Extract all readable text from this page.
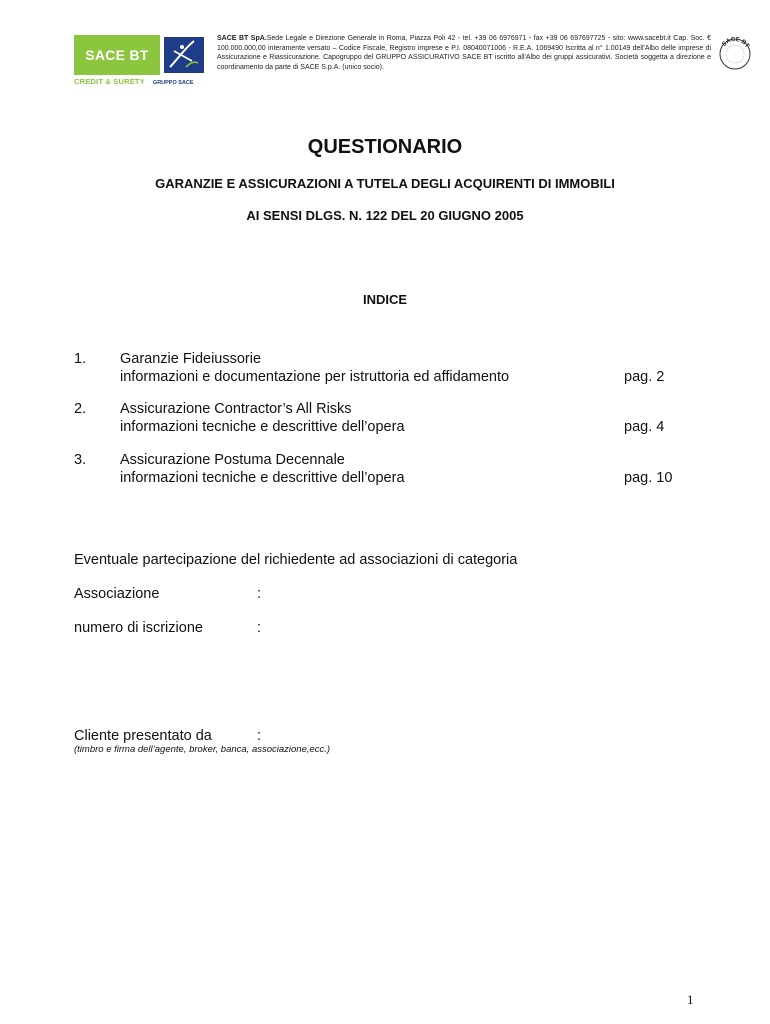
SACE BT
CREDIT & SURETY GRUPPO SACE
SACE BT SpA.Sede Legale e Direzione Generale in Roma, Piazza Poli 42 - tel. +39 06 6976971 - fax +39 06 697697725 - sito: www.sacebt.it Cap. Soc. € 100.000.000,00 interamente versato – Codice Fiscale, Registro imprese e P.I. 08040071006 - R.E.A. 1069490 Iscritta al n° 1.00149 dell'Albo delle imprese di Assicurazione e Riassicurazione. Capogruppo del GRUPPO ASSICURATIVO SACE BT iscritto all'Albo dei gruppi assicurativi. Società soggetta a direzione e coordinamento da parte di SACE S.p.A. (unico socio).
SACE BT
QUESTIONARIO
GARANZIE E ASSICURAZIONI A TUTELA DEGLI ACQUIRENTI DI IMMOBILI
AI SENSI DLGS. N. 122 DEL 20 GIUGNO 2005
INDICE
1. Garanzie Fideiussorie
informazioni e documentazione per istruttoria ed affidamento	pag. 2
2. Assicurazione Contractor’s All Risks
informazioni tecniche e descrittive dell’opera	pag. 4
3. Assicurazione Postuma Decennale
informazioni tecniche e descrittive dell’opera	pag. 10
Eventuale partecipazione del richiedente ad associazioni di categoria
Associazione	:
numero di iscrizione	:
Cliente presentato da	:
(timbro e firma dell’agente, broker, banca, associazione,ecc.)
1
